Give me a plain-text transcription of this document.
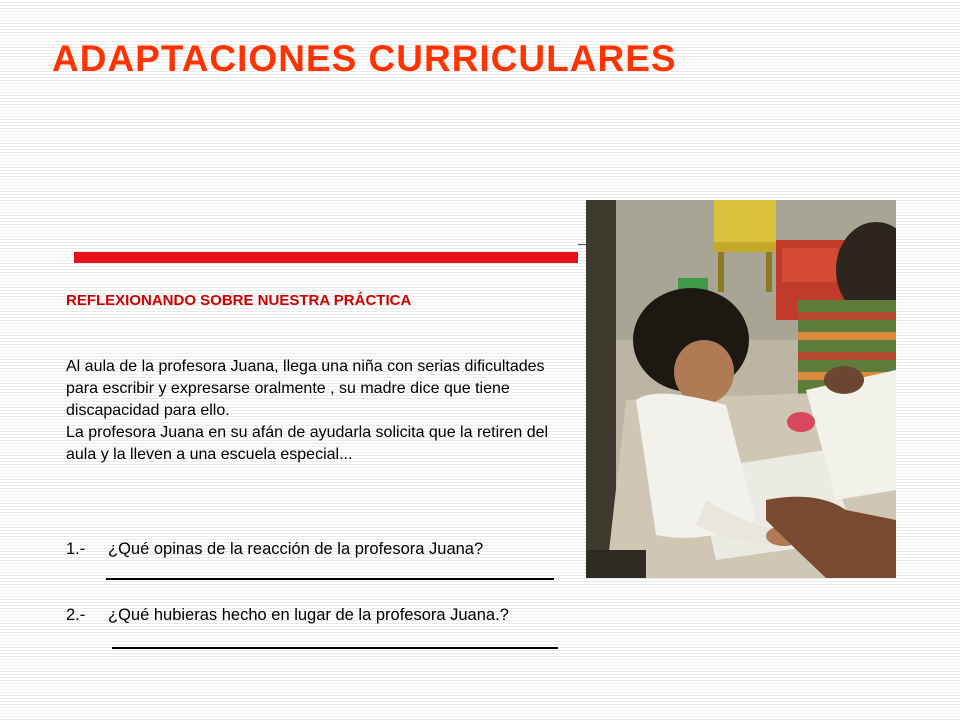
ADAPTACIONES CURRICULARES
REFLEXIONANDO SOBRE NUESTRA PRÁCTICA

Al aula de la profesora Juana, llega una niña con serias dificultades para escribir y expresarse oralmente , su madre dice que tiene discapacidad para ello.

La profesora Juana en su afán de ayudarla solicita que la retiren del aula y la lleven a una escuela especial...

1.- ¿Qué opinas de la reacción de la profesora Juana?
2.- ¿Qué hubieras hecho en lugar de la profesora Juana.?
